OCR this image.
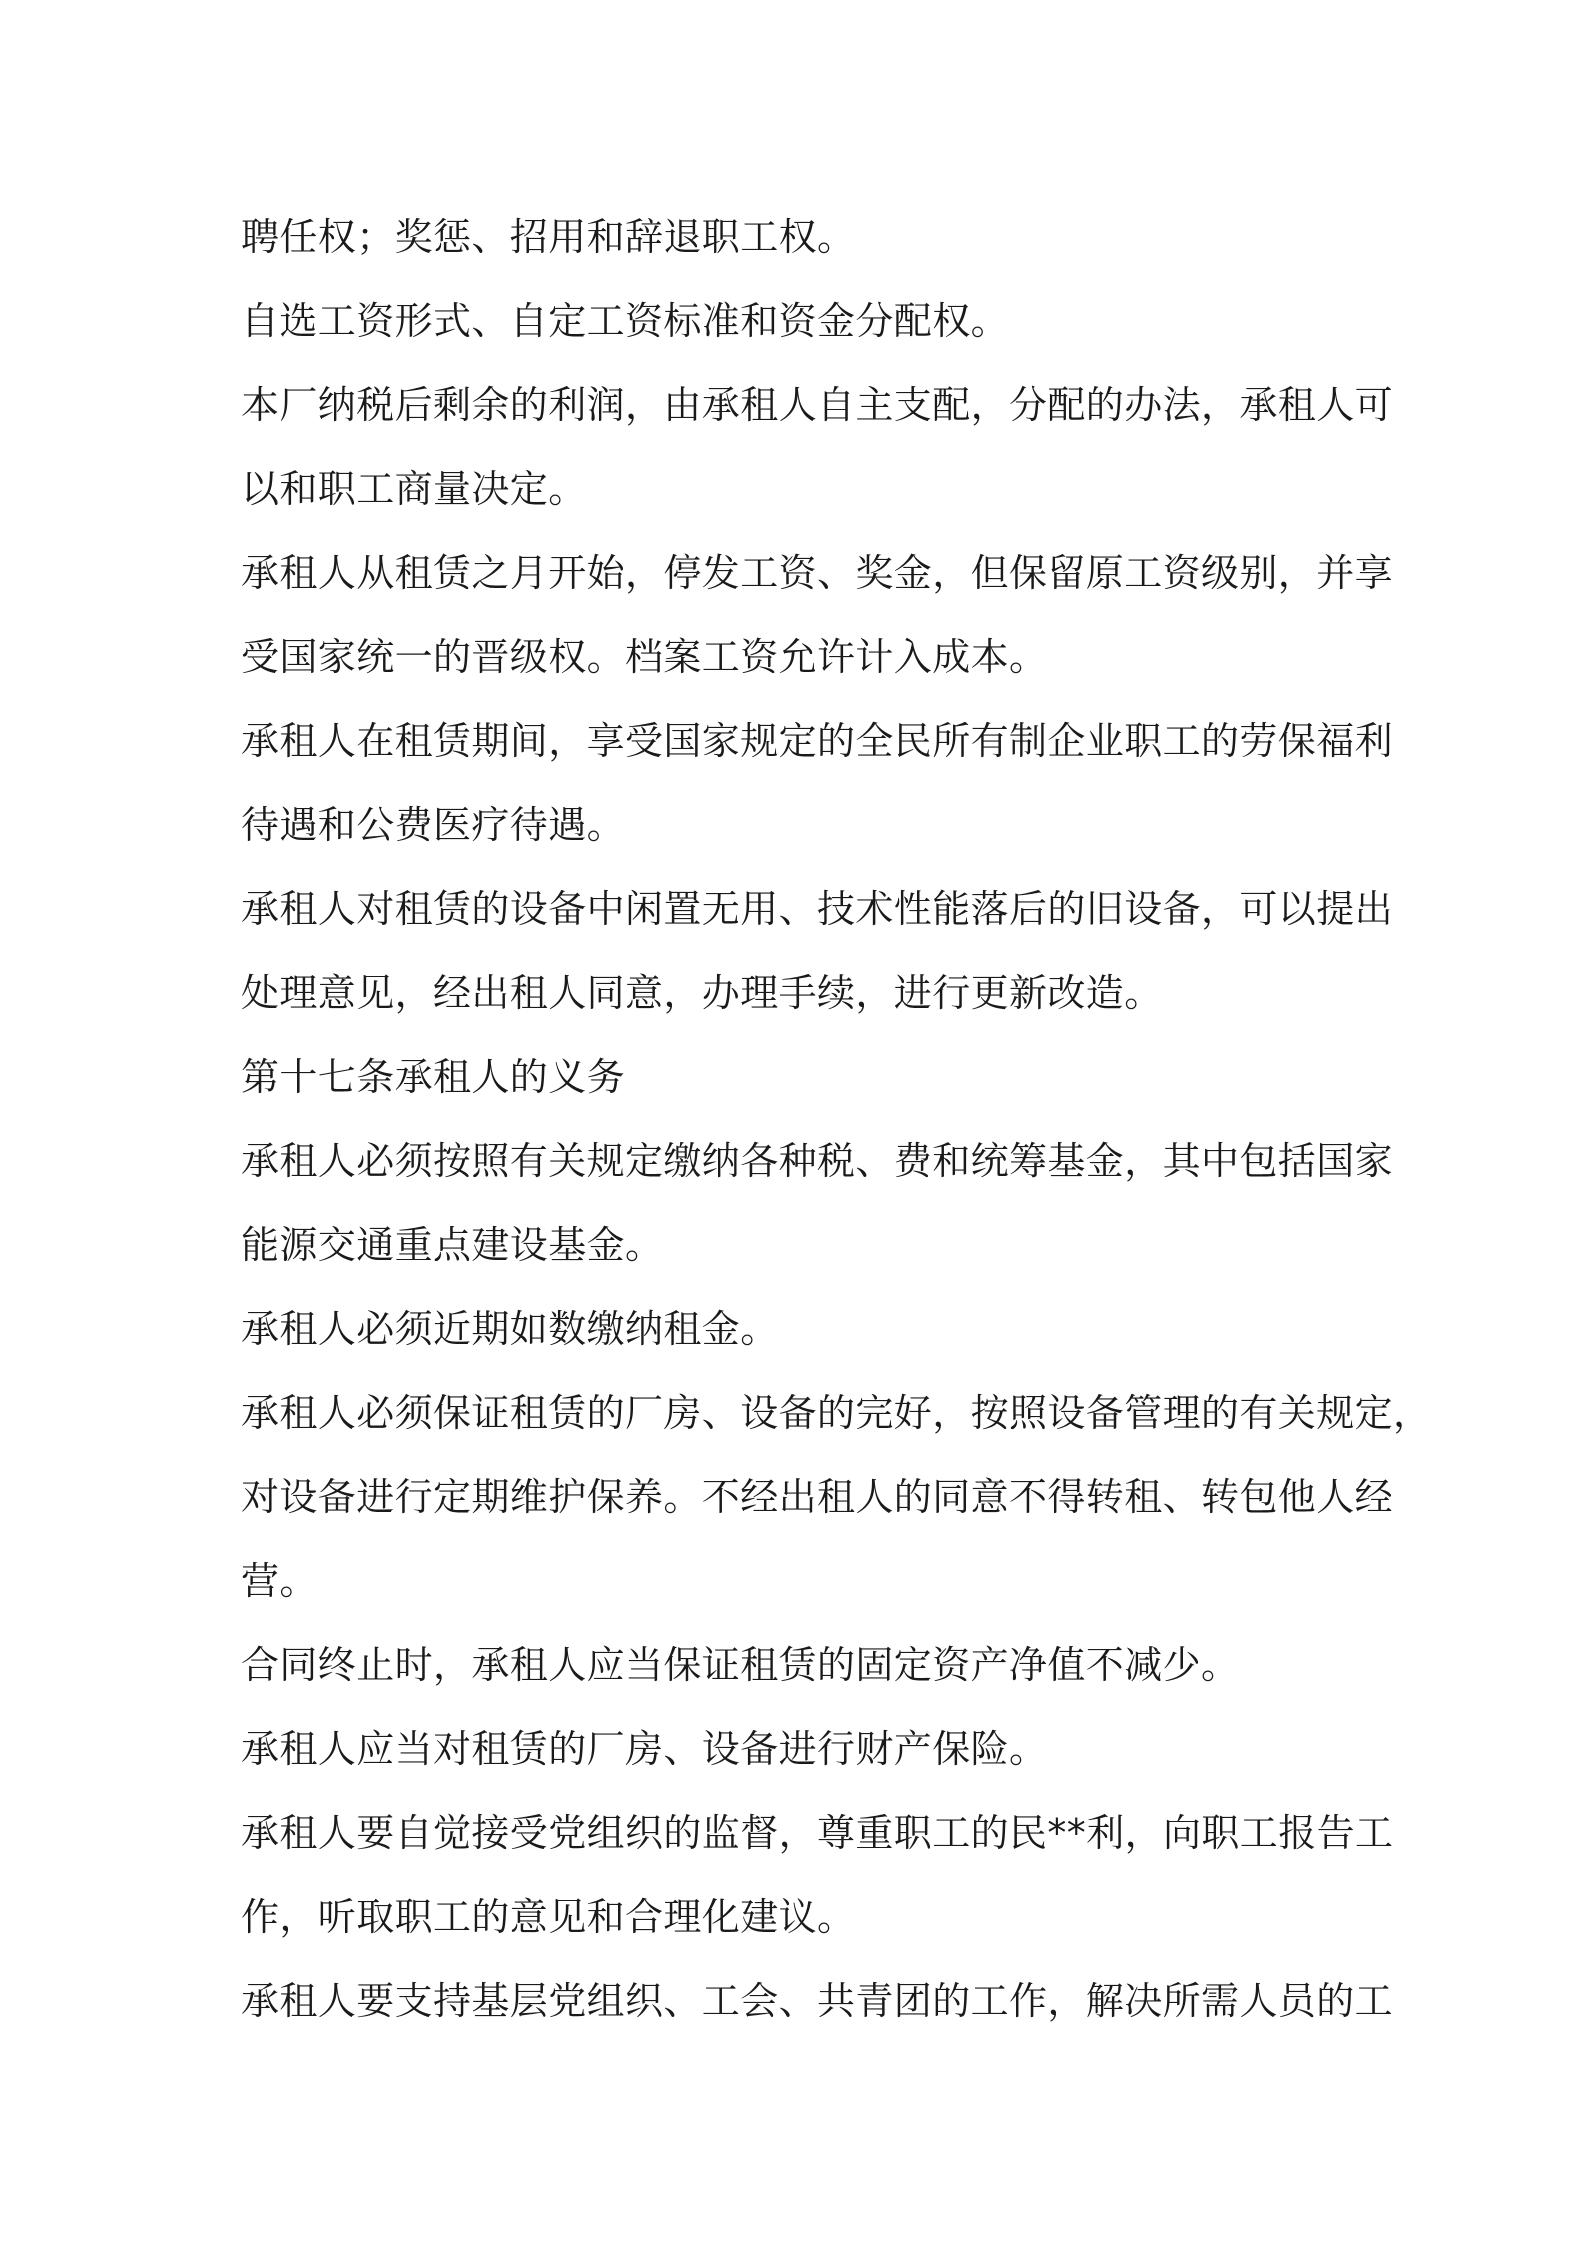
聘任权；奖惩、招用和辞退职工权。
自选工资形式、自定工资标准和资金分配权。
本厂纳税后剩余的利润，由承租人自主支配，分配的办法，承租人可
以和职工商量决定。
承租人从租赁之月开始，停发工资、奖金，但保留原工资级别，并享
受国家统一的晋级权。档案工资允许计入成本。
承租人在租赁期间，享受国家规定的全民所有制企业职工的劳保福利
待遇和公费医疗待遇。
承租人对租赁的设备中闲置无用、技术性能落后的旧设备，可以提出
处理意见，经出租人同意，办理手续，进行更新改造。
第十七条承租人的义务
承租人必须按照有关规定缴纳各种税、费和统筹基金，其中包括国家
能源交通重点建设基金。
承租人必须近期如数缴纳租金。
承租人必须保证租赁的厂房、设备的完好，按照设备管理的有关规定，
对设备进行定期维护保养。不经出租人的同意不得转租、转包他人经
营。
合同终止时，承租人应当保证租赁的固定资产净值不减少。
承租人应当对租赁的厂房、设备进行财产保险。
承租人要自觉接受党组织的监督，尊重职工的民**利，向职工报告工
作，听取职工的意见和合理化建议。
承租人要支持基层党组织、工会、共青团的工作，解决所需人员的工
